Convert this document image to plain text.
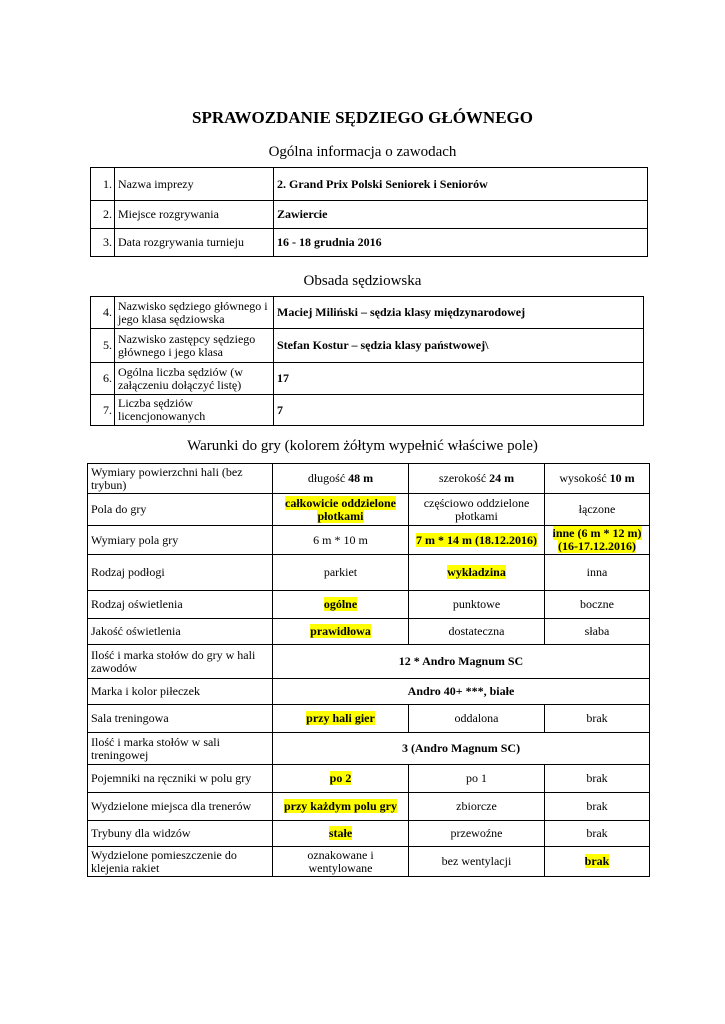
SPRAWOZDANIE SĘDZIEGO GŁÓWNEGO
Ogólna informacja o zawodach
1.	Nazwa imprezy	2. Grand Prix Polski Seniorek i Seniorów
2.	Miejsce rozgrywania	Zawiercie
3.	Data rozgrywania turnieju	16 - 18 grudnia 2016
Obsada sędziowska
4.	Nazwisko sędziego głównego i jego klasa sędziowska	Maciej Miliński – sędzia klasy międzynarodowej
5.	Nazwisko zastępcy sędziego głównego i jego klasa	Stefan Kostur – sędzia klasy państwowej\
6.	Ogólna liczba sędziów (w załączeniu dołączyć listę)	17
7.	Liczba sędziów licencjonowanych	7
Warunki do gry (kolorem żółtym wypełnić właściwe pole)
Wymiary powierzchni hali (bez trybun)	długość 48 m	szerokość 24 m	wysokość 10 m
Pola do gry	całkowicie oddzielone płotkami	częściowo oddzielone płotkami	łączone
Wymiary pola gry	6 m * 10 m	7 m * 14 m (18.12.2016)	inne (6 m * 12 m) (16-17.12.2016)
Rodzaj podłogi	parkiet	wykładzina	inna
Rodzaj oświetlenia	ogólne	punktowe	boczne
Jakość oświetlenia	prawidłowa	dostateczna	słaba
Ilość i marka stołów do gry w hali zawodów	12 * Andro Magnum SC		
Marka i kolor piłeczek	Andro 40+ ***, białe		
Sala treningowa	przy hali gier	oddalona	brak
Ilość i marka stołów w sali treningowej	3 (Andro Magnum SC)		
Pojemniki na ręczniki w polu gry	po 2	po 1	brak
Wydzielone miejsca dla trenerów	przy każdym polu gry	zbiorcze	brak
Trybuny dla widzów	stałe	przewoźne	brak
Wydzielone pomieszczenie do klejenia rakiet	oznakowane i wentylowane	bez wentylacji	brak
